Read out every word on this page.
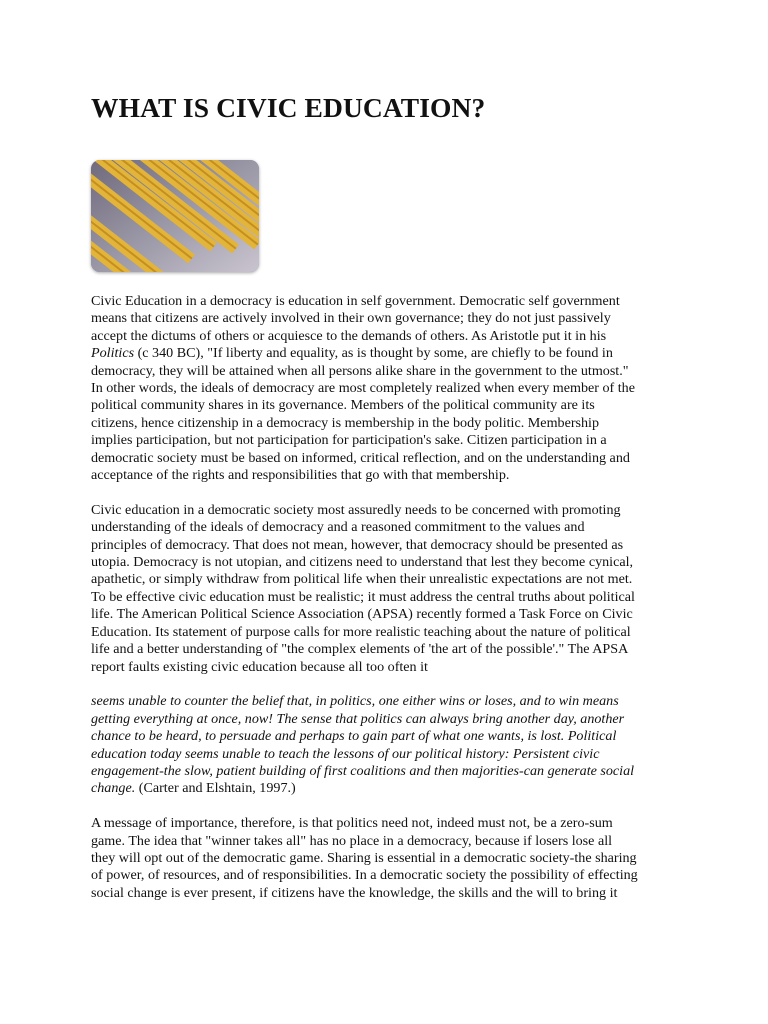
WHAT IS CIVIC EDUCATION?

Civic Education in a democracy is education in self government. Democratic self government
means that citizens are actively involved in their own governance; they do not just passively
accept the dictums of others or acquiesce to the demands of others. As Aristotle put it in his
Politics (c 340 BC), "If liberty and equality, as is thought by some, are chiefly to be found in
democracy, they will be attained when all persons alike share in the government to the utmost."
In other words, the ideals of democracy are most completely realized when every member of the
political community shares in its governance. Members of the political community are its
citizens, hence citizenship in a democracy is membership in the body politic. Membership
implies participation, but not participation for participation's sake. Citizen participation in a
democratic society must be based on informed, critical reflection, and on the understanding and
acceptance of the rights and responsibilities that go with that membership.

Civic education in a democratic society most assuredly needs to be concerned with promoting
understanding of the ideals of democracy and a reasoned commitment to the values and
principles of democracy. That does not mean, however, that democracy should be presented as
utopia. Democracy is not utopian, and citizens need to understand that lest they become cynical,
apathetic, or simply withdraw from political life when their unrealistic expectations are not met.
To be effective civic education must be realistic; it must address the central truths about political
life. The American Political Science Association (APSA) recently formed a Task Force on Civic
Education. Its statement of purpose calls for more realistic teaching about the nature of political
life and a better understanding of "the complex elements of 'the art of the possible'." The APSA
report faults existing civic education because all too often it

seems unable to counter the belief that, in politics, one either wins or loses, and to win means
getting everything at once, now! The sense that politics can always bring another day, another
chance to be heard, to persuade and perhaps to gain part of what one wants, is lost. Political
education today seems unable to teach the lessons of our political history: Persistent civic
engagement-the slow, patient building of first coalitions and then majorities-can generate social
change. (Carter and Elshtain, 1997.)

A message of importance, therefore, is that politics need not, indeed must not, be a zero-sum
game. The idea that "winner takes all" has no place in a democracy, because if losers lose all
they will opt out of the democratic game. Sharing is essential in a democratic society-the sharing
of power, of resources, and of responsibilities. In a democratic society the possibility of effecting
social change is ever present, if citizens have the knowledge, the skills and the will to bring it
